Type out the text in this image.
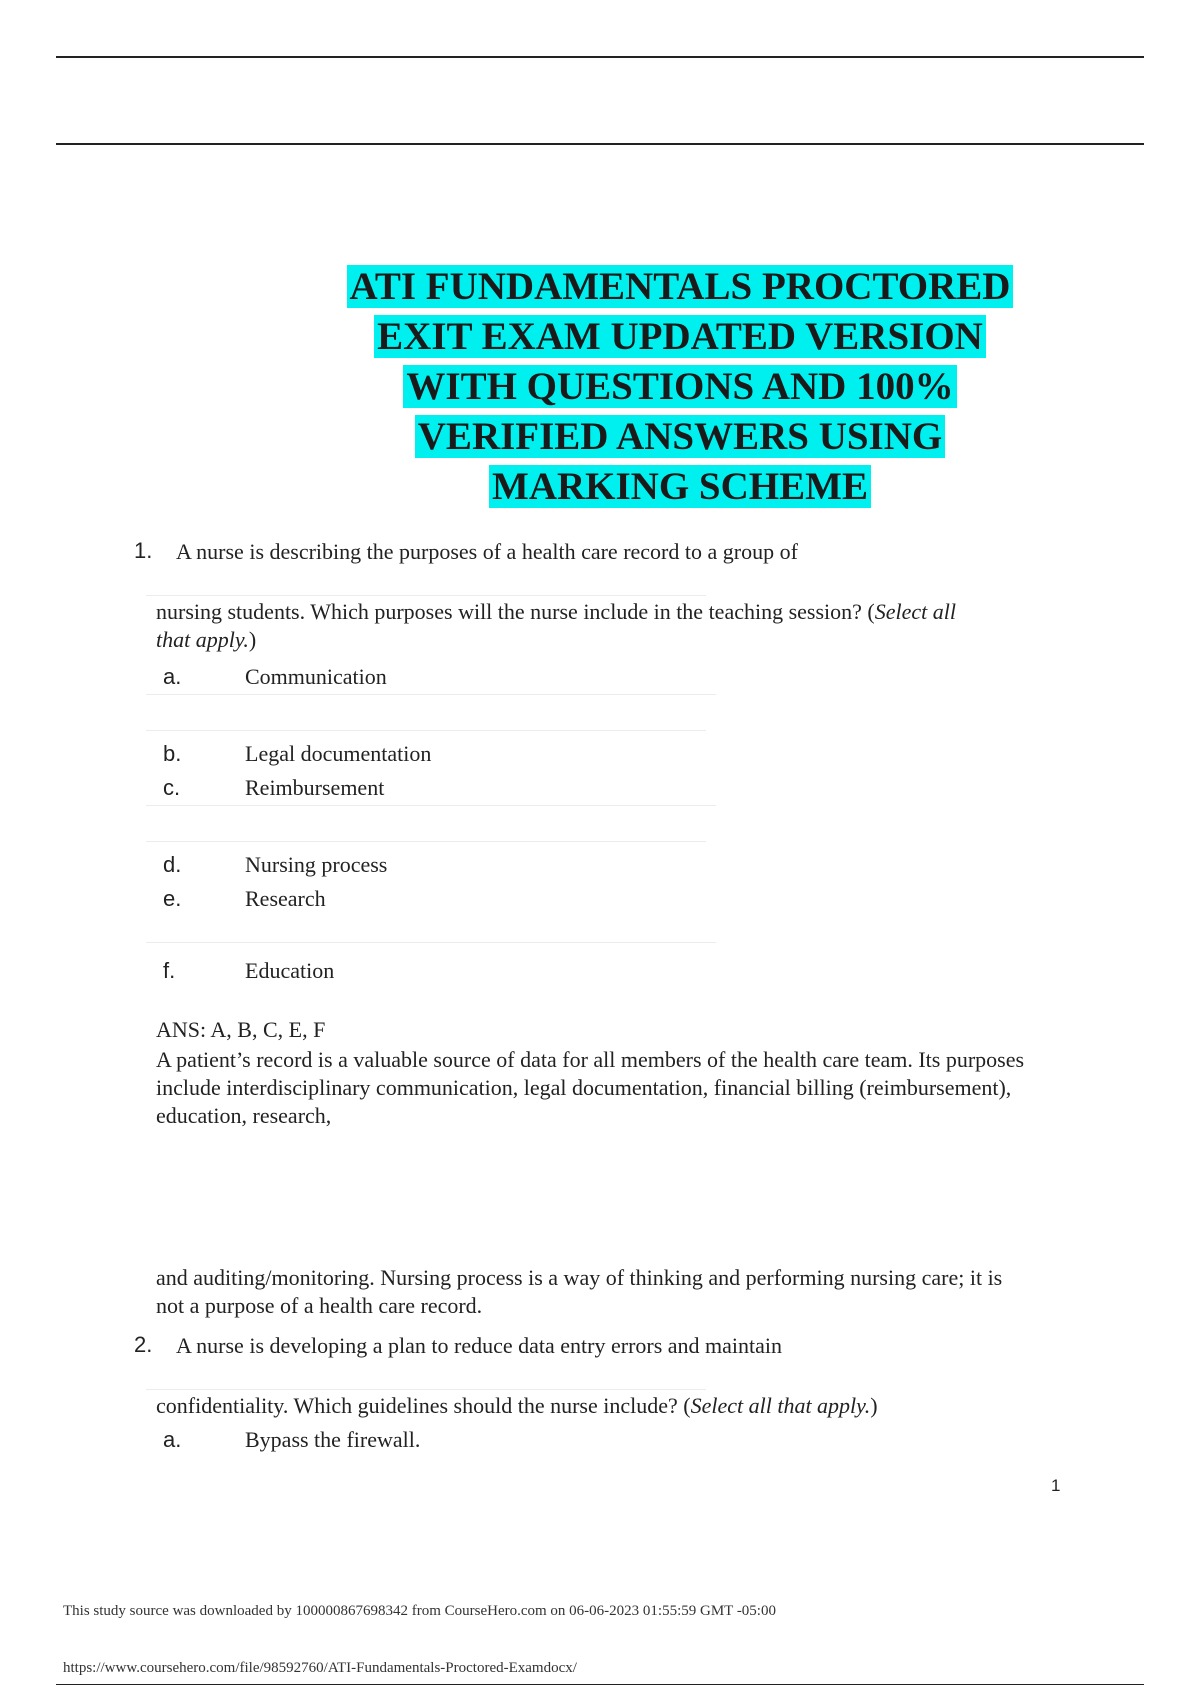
ATI FUNDAMENTALS PROCTORED
EXIT EXAM UPDATED VERSION
WITH QUESTIONS AND 100%
VERIFIED ANSWERS USING
MARKING SCHEME
1. A nurse is describing the purposes of a health care record to a group of
nursing students. Which purposes will the nurse include in the teaching session? (Select all
that apply.)
a.	Communication
b.	Legal documentation
c.	Reimbursement
d.	Nursing process
e.	Research
f.	Education
ANS: A, B, C, E, F
A patient’s record is a valuable source of data for all members of the health care team. Its purposes include interdisciplinary communication, legal documentation, financial billing (reimbursement), education, research,
and auditing/monitoring. Nursing process is a way of thinking and performing nursing care; it is not a purpose of a health care record.
2. A nurse is developing a plan to reduce data entry errors and maintain
confidentiality. Which guidelines should the nurse include? (Select all that apply.)
a.	Bypass the firewall.
1
This study source was downloaded by 100000867698342 from CourseHero.com on 06-06-2023 01:55:59 GMT -05:00
https://www.coursehero.com/file/98592760/ATI-Fundamentals-Proctored-Examdocx/
